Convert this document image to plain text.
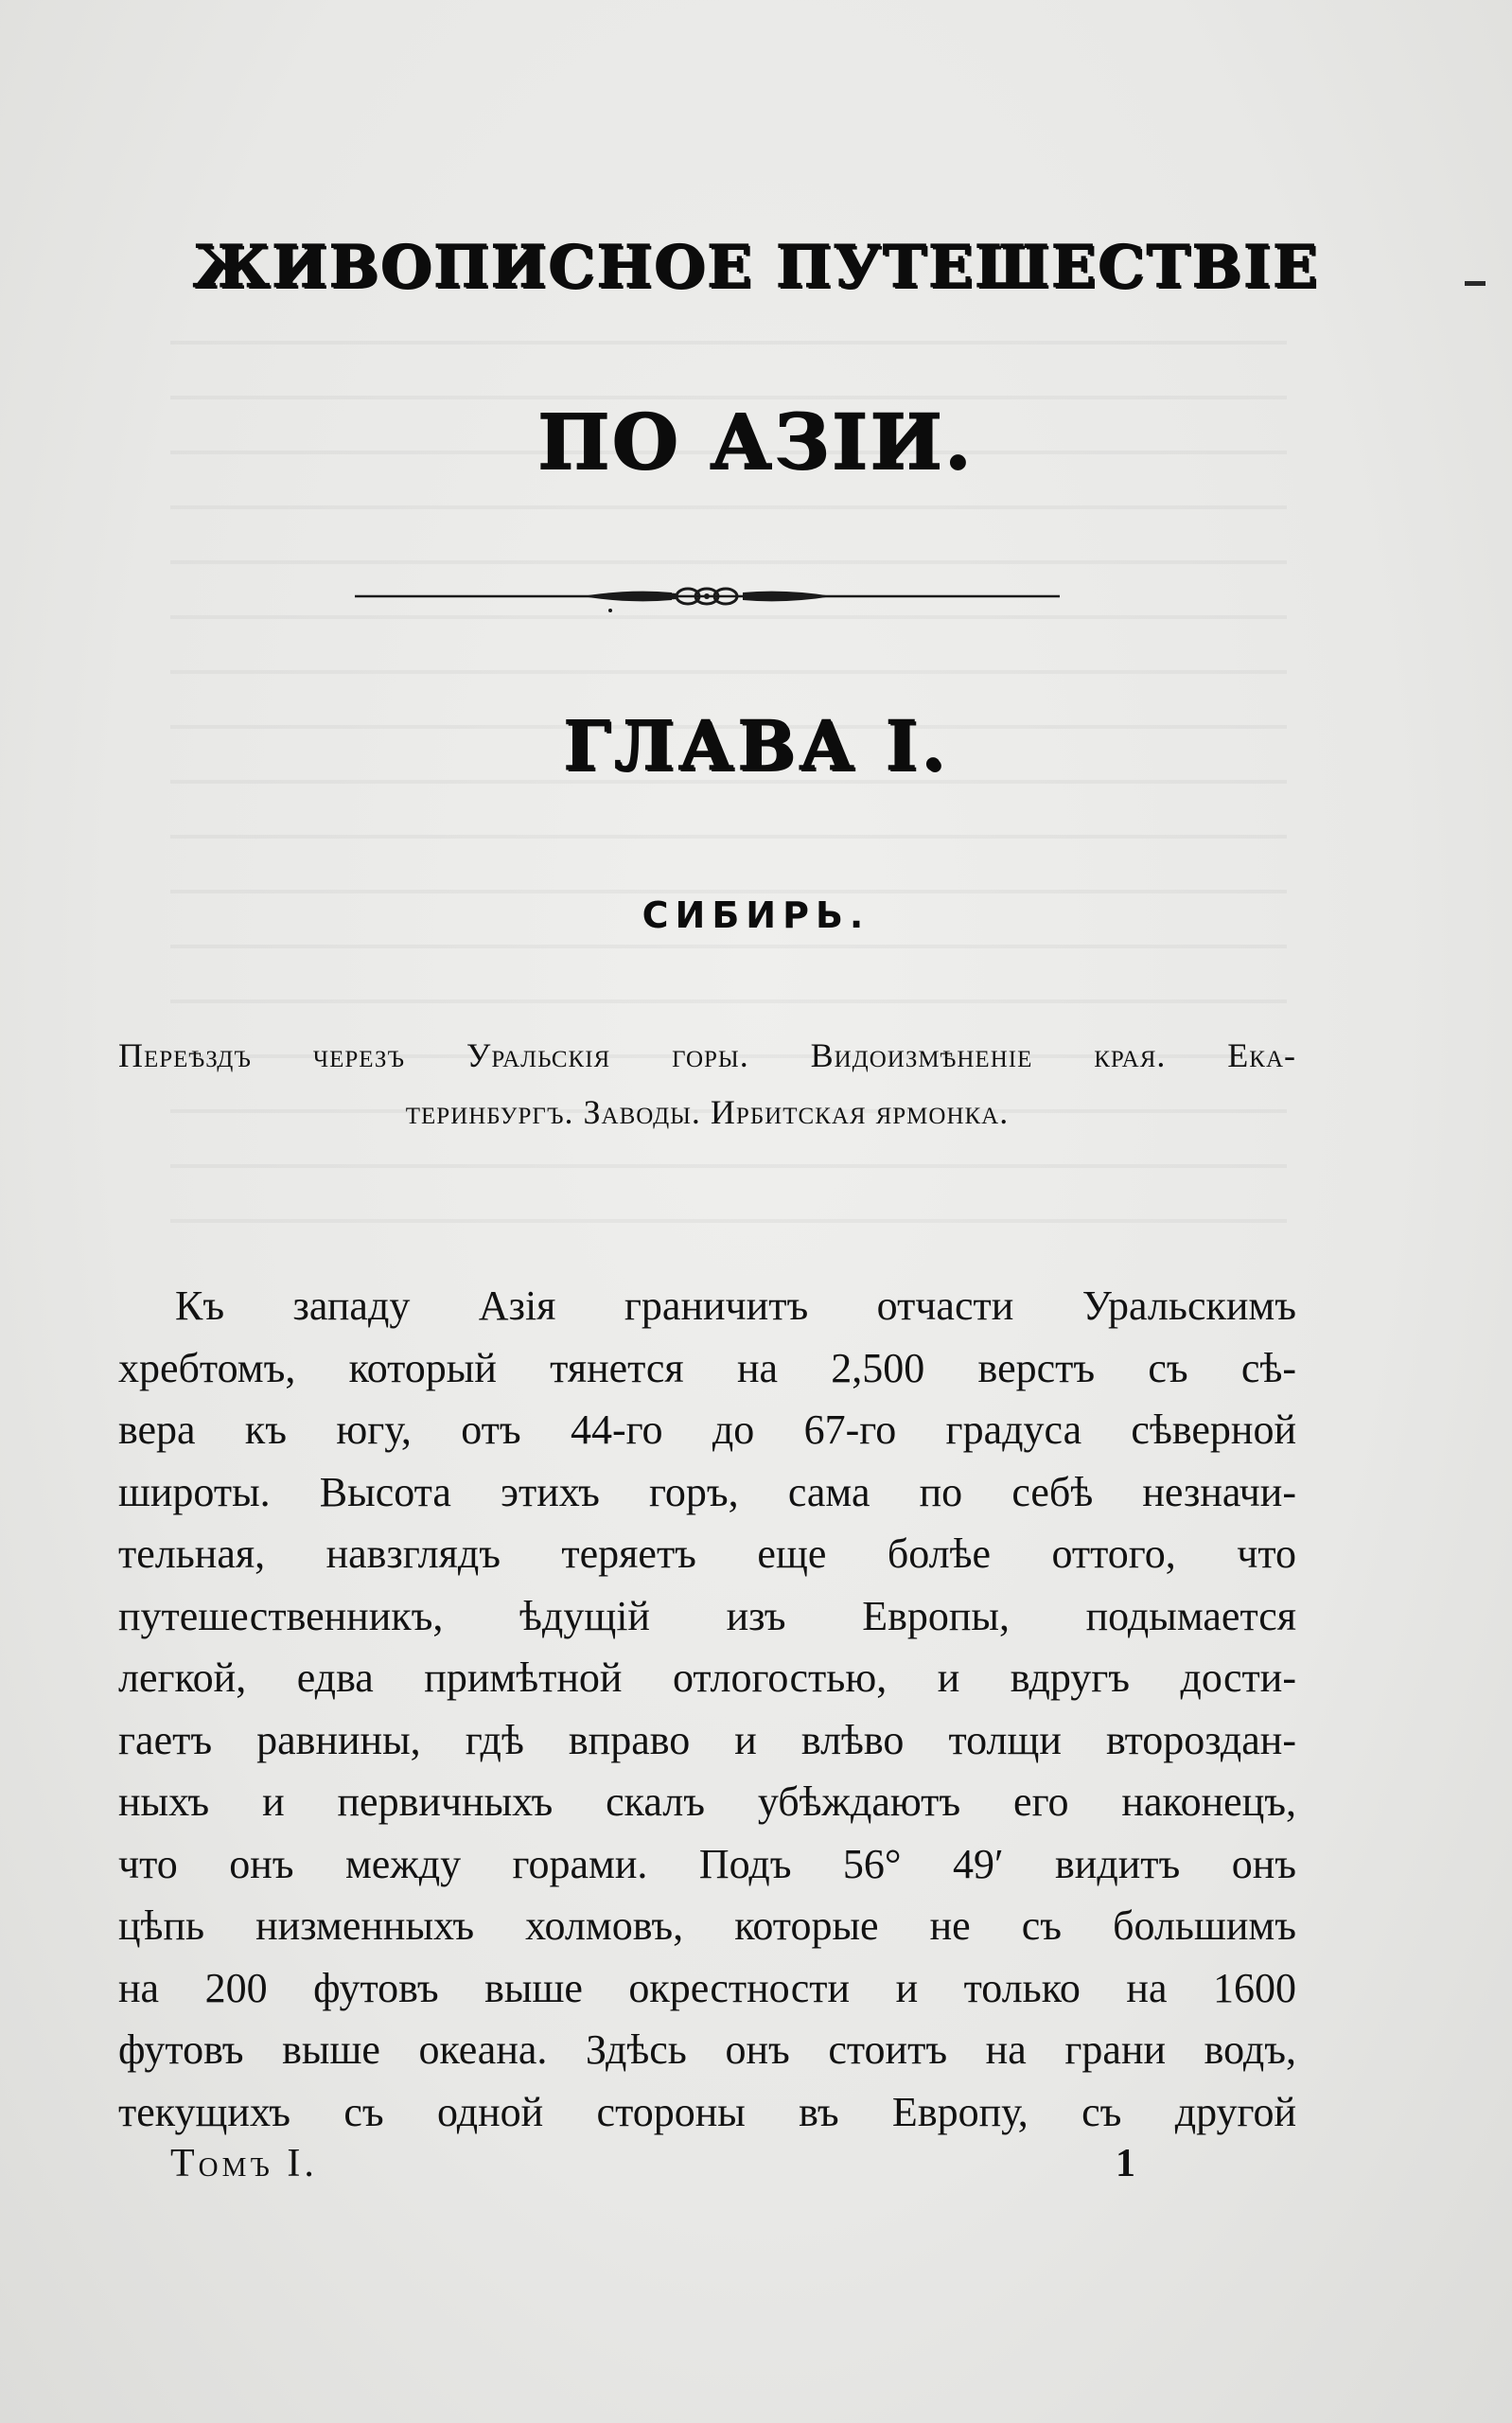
ЖИВОПИСНОЕ ПУТЕШЕСТВІЕ
ПО АЗІИ.
ГЛАВА I.
СИБИРЬ.
Переѣздъ черезъ Уральскія горы. Видоизмѣненіе края. Ека-
теринбургъ. Заводы. Ирбитская ярмонка.
Къ западу Азія граничитъ отчасти Уральскимъ
хребтомъ, который тянется на 2,500 верстъ съ сѣ-
вера къ югу, отъ 44-го до 67-го градуса сѣверной
широты. Высота этихъ горъ, сама по себѣ незначи-
тельная, навзглядъ теряетъ еще болѣе оттого, что
путешественникъ, ѣдущій изъ Европы, подымается
легкой, едва примѣтной отлогостью, и вдругъ дости-
гаетъ равнины, гдѣ вправо и влѣво толщи второздан-
ныхъ и первичныхъ скалъ убѣждаютъ его наконецъ,
что онъ между горами. Подъ 56° 49′ видитъ онъ
цѣпь низменныхъ холмовъ, которые не съ большимъ
на 200 футовъ выше окрестности и только на 1600
футовъ выше океана. Здѣсь онъ стоитъ на грани водъ,
текущихъ съ одной стороны въ Европу, съ другой
Томъ I.	1
